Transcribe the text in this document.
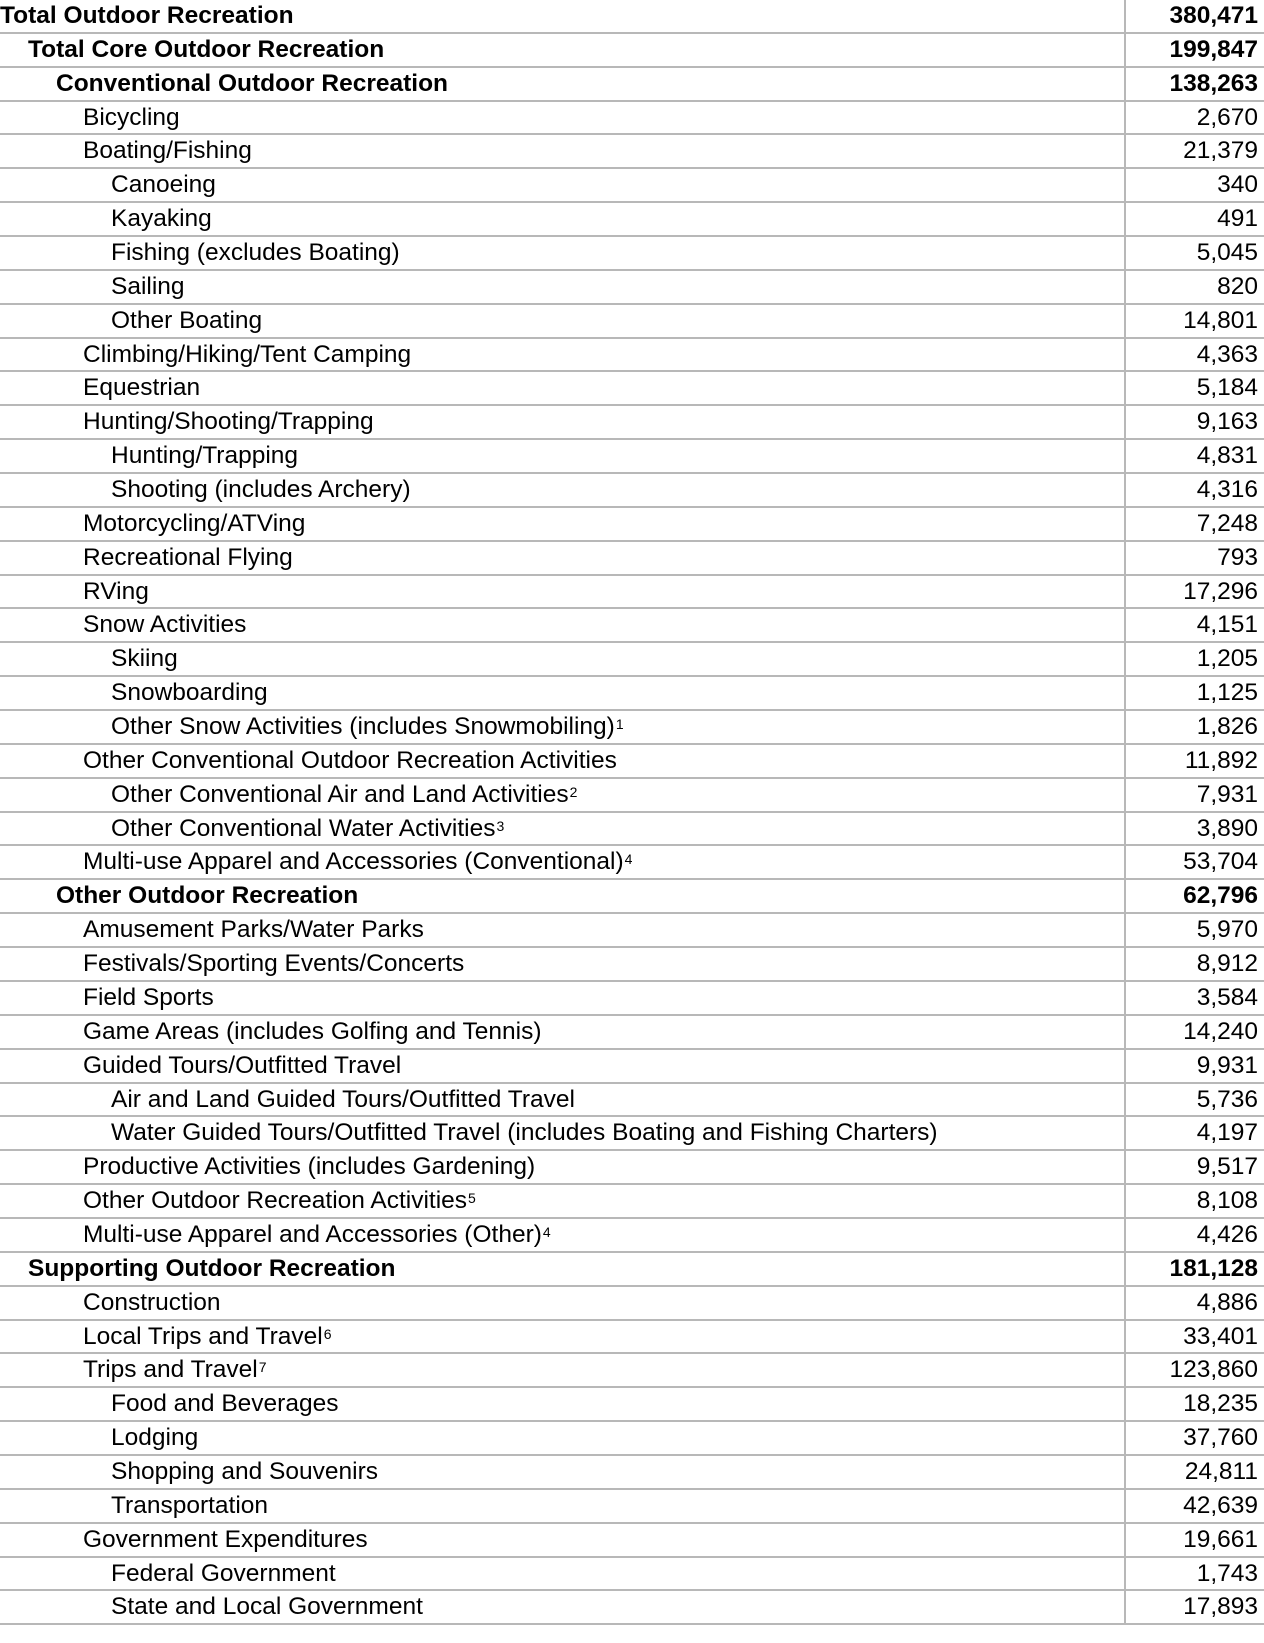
Total Outdoor Recreation	380,471
Total Core Outdoor Recreation	199,847
Conventional Outdoor Recreation	138,263
Bicycling	2,670
Boating/Fishing	21,379
Canoeing	340
Kayaking	491
Fishing (excludes Boating)	5,045
Sailing	820
Other Boating	14,801
Climbing/Hiking/Tent Camping	4,363
Equestrian	5,184
Hunting/Shooting/Trapping	9,163
Hunting/Trapping	4,831
Shooting (includes Archery)	4,316
Motorcycling/ATVing	7,248
Recreational Flying	793
RVing	17,296
Snow Activities	4,151
Skiing	1,205
Snowboarding	1,125
Other Snow Activities (includes Snowmobiling)$^1$	1,826
Other Conventional Outdoor Recreation Activities	11,892
Other Conventional Air and Land Activities$^2$	7,931
Other Conventional Water Activities$^3$	3,890
Multi-use Apparel and Accessories (Conventional)$^4$	53,704
Other Outdoor Recreation	62,796
Amusement Parks/Water Parks	5,970
Festivals/Sporting Events/Concerts	8,912
Field Sports	3,584
Game Areas (includes Golfing and Tennis)	14,240
Guided Tours/Outfitted Travel	9,931
Air and Land Guided Tours/Outfitted Travel	5,736
Water Guided Tours/Outfitted Travel (includes Boating and Fishing Charters)	4,197
Productive Activities (includes Gardening)	9,517
Other Outdoor Recreation Activities$^5$	8,108
Multi-use Apparel and Accessories (Other)$^4$	4,426
Supporting Outdoor Recreation	181,128
Construction	4,886
Local Trips and Travel$^6$	33,401
Trips and Travel$^7$	123,860
Food and Beverages	18,235
Lodging	37,760
Shopping and Souvenirs	24,811
Transportation	42,639
Government Expenditures	19,661
Federal Government	1,743
State and Local Government	17,893
